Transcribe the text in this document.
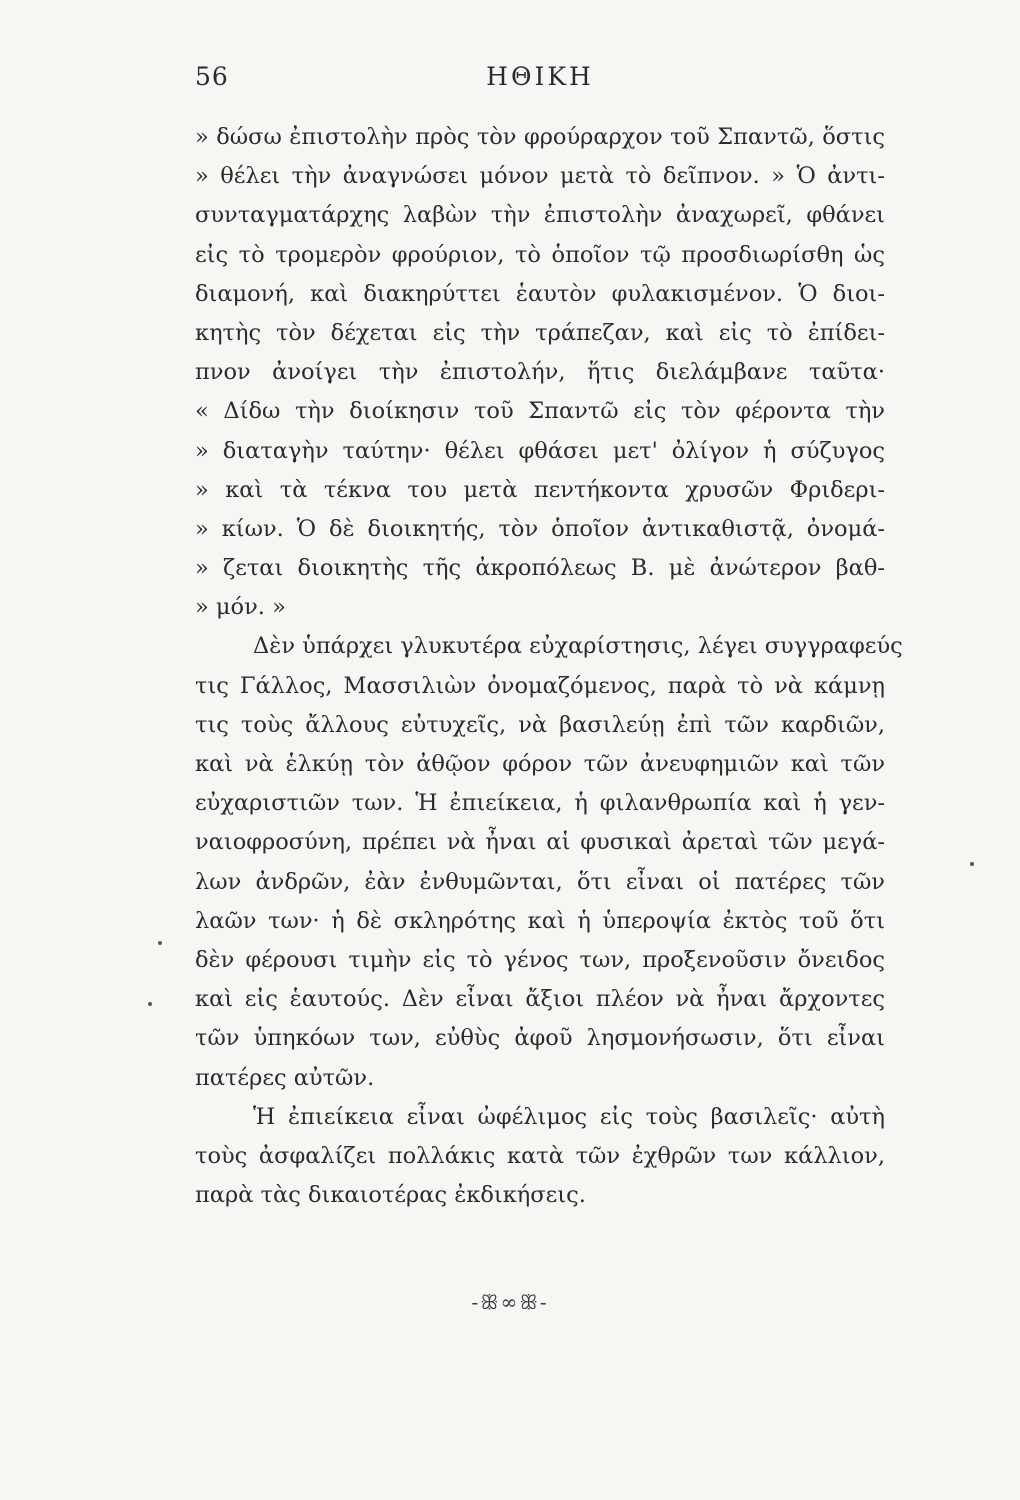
56	ΗΘΙΚΗ
» δώσω ἐπιστολὴν πρὸς τὸν φρούραρχον τοῦ Σπαντῶ, ὅστις
» θέλει τὴν ἀναγνώσει μόνον μετὰ τὸ δεῖπνον. » Ὁ ἀντι-
συνταγματάρχης λαβὼν τὴν ἐπιστολὴν ἀναχωρεῖ, φθάνει
εἰς τὸ τρομερὸν φρούριον, τὸ ὁποῖον τῷ προσδιωρίσθη ὡς
διαμονή, καὶ διακηρύττει ἑαυτὸν φυλακισμένον. Ὁ διοι-
κητὴς τὸν δέχεται εἰς τὴν τράπεζαν, καὶ εἰς τὸ ἐπίδει-
πνον ἀνοίγει τὴν ἐπιστολήν, ἥτις διελάμβανε ταῦτα·
« Δίδω τὴν διοίκησιν τοῦ Σπαντῶ εἰς τὸν φέροντα τὴν
» διαταγὴν ταύτην· θέλει φθάσει μετ' ὀλίγον ἡ σύζυγος
» καὶ τὰ τέκνα του μετὰ πεντήκοντα χρυσῶν Φριδερι-
» κίων. Ὁ δὲ διοικητής, τὸν ὁποῖον ἀντικαθιστᾷ, ὀνομά-
» ζεται διοικητὴς τῆς ἀκροπόλεως Β. μὲ ἀνώτερον βαθ-
» μόν. »
Δὲν ὑπάρχει γλυκυτέρα εὐχαρίστησις, λέγει συγγραφεύς
τις Γάλλος, Μασσιλιὼν ὀνομαζόμενος, παρὰ τὸ νὰ κάμνῃ
τις τοὺς ἄλλους εὐτυχεῖς, νὰ βασιλεύῃ ἐπὶ τῶν καρδιῶν,
καὶ νὰ ἑλκύῃ τὸν ἀθῷον φόρον τῶν ἀνευφημιῶν καὶ τῶν
εὐχαριστιῶν των. Ἡ ἐπιείκεια, ἡ φιλανθρωπία καὶ ἡ γεν-
ναιοφροσύνη, πρέπει νὰ ἦναι αἱ φυσικαὶ ἀρεταὶ τῶν μεγά-
λων ἀνδρῶν, ἐὰν ἐνθυμῶνται, ὅτι εἶναι οἱ πατέρες τῶν
λαῶν των· ἡ δὲ σκληρότης καὶ ἡ ὑπεροψία ἐκτὸς τοῦ ὅτι
δὲν φέρουσι τιμὴν εἰς τὸ γένος των, προξενοῦσιν ὄνειδος
καὶ εἰς ἑαυτούς. Δὲν εἶναι ἄξιοι πλέον νὰ ἦναι ἄρχοντες
τῶν ὑπηκόων των, εὐθὺς ἀφοῦ λησμονήσωσιν, ὅτι εἶναι
πατέρες αὐτῶν.
Ἡ ἐπιείκεια εἶναι ὠφέλιμος εἰς τοὺς βασιλεῖς· αὐτὴ
τοὺς ἀσφαλίζει πολλάκις κατὰ τῶν ἐχθρῶν των κάλλιον,
παρὰ τὰς δικαιοτέρας ἐκδικήσεις.
-ꕥ∞ꕥ-
